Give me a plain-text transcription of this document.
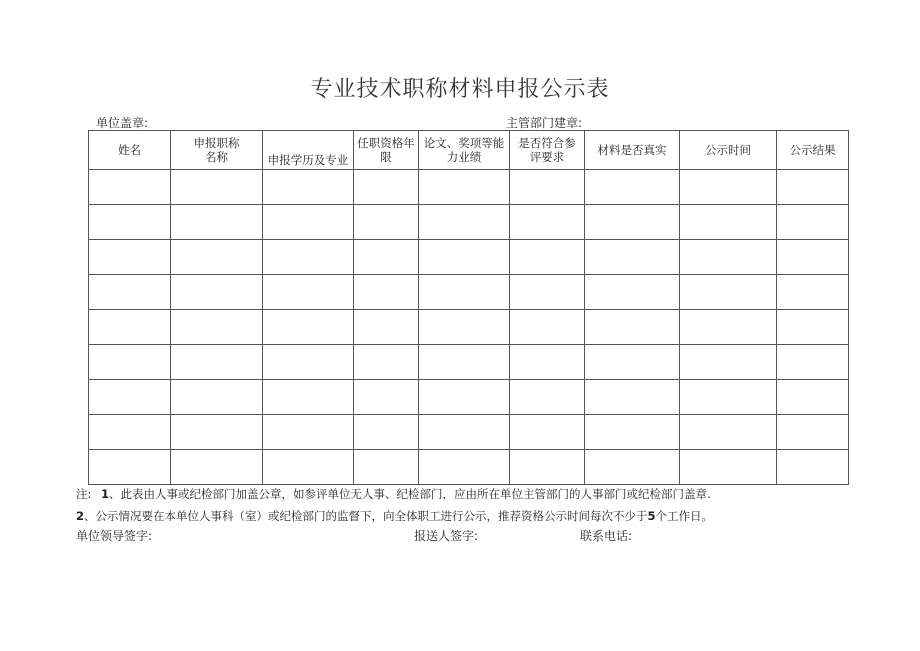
专业技术职称材料申报公示表
单位盖章:	主管部门建章:
姓名	申报职称名称	申报学历及专业	任职资格年限	论文、奖项等能力业绩	是否符合参评要求	材料是否真实	公示时间	公示结果

注: 1、此表由人事或纪检部门加盖公章，如参评单位无人事、纪检部门，应由所在单位主管部门的人事部门或纪检部门盖章.
2、公示情况要在本单位人事科（室）或纪检部门的监督下，向全体职工进行公示，推荐资格公示时间每次不少于5个工作日。
单位领导签字:	报送人签字:	联系电话:
